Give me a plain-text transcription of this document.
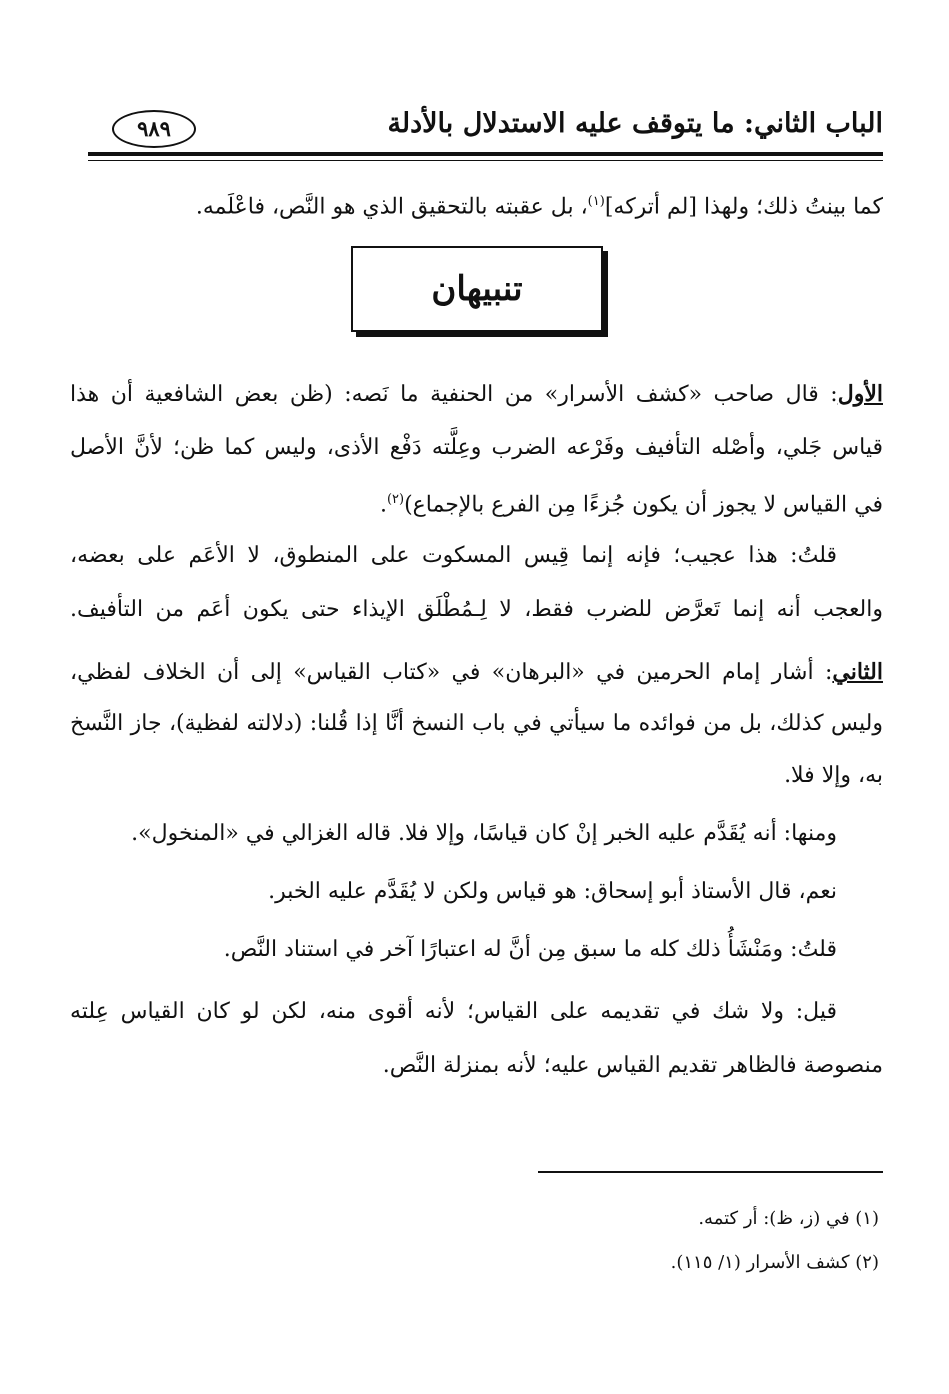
الباب الثاني: ما يتوقف عليه الاستدلال بالأدلة
٩٨٩
كما بينتُ ذلك؛ ولهذا [لم أتركه]$^{(١)}$، بل عقبته بالتحقيق الذي هو النَّص، فاعْلَمه.
تنبيهان
الأول: قال صاحب «كشف الأسرار» من الحنفية ما نَصه: (ظن بعض الشافعية أن هذا
قياس جَلي، وأصْله التأفيف وفَرْعه الضرب وعِلَّته دَفْع الأذى، وليس كما ظن؛ لأنَّ الأصل
في القياس لا يجوز أن يكون جُزءًا مِن الفرع بالإجماع)$^{(٢)}$.
قلتُ: هذا عجيب؛ فإنه إنما قِيس المسكوت على المنطوق، لا الأعَم على بعضه،
والعجب أنه إنما تَعرَّض للضرب فقط، لا لِـمُطْلَق الإيذاء حتى يكون أعَم من التأفيف.
الثاني: أشار إمام الحرمين في «البرهان» في «كتاب القياس» إلى أن الخلاف لفظي،
وليس كذلك، بل من فوائده ما سيأتي في باب النسخ أنَّا إذا قُلنا: (دلالته لفظية)، جاز النَّسخ
به، وإلا فلا.
ومنها: أنه يُقَدَّم عليه الخبر إنْ كان قياسًا، وإلا فلا. قاله الغزالي في «المنخول».
نعم، قال الأستاذ أبو إسحاق: هو قياس ولكن لا يُقَدَّم عليه الخبر.
قلتُ: ومَنْشَأُ ذلك كله ما سبق مِن أنَّ له اعتبارًا آخر في استناد النَّص.
قيل: ولا شك في تقديمه على القياس؛ لأنه أقوى منه، لكن لو كان القياس عِلته
منصوصة فالظاهر تقديم القياس عليه؛ لأنه بمنزلة النَّص.
(١) في (ز، ظ): أر كتمه.
(٢) كشف الأسرار (١/ ١١٥).
